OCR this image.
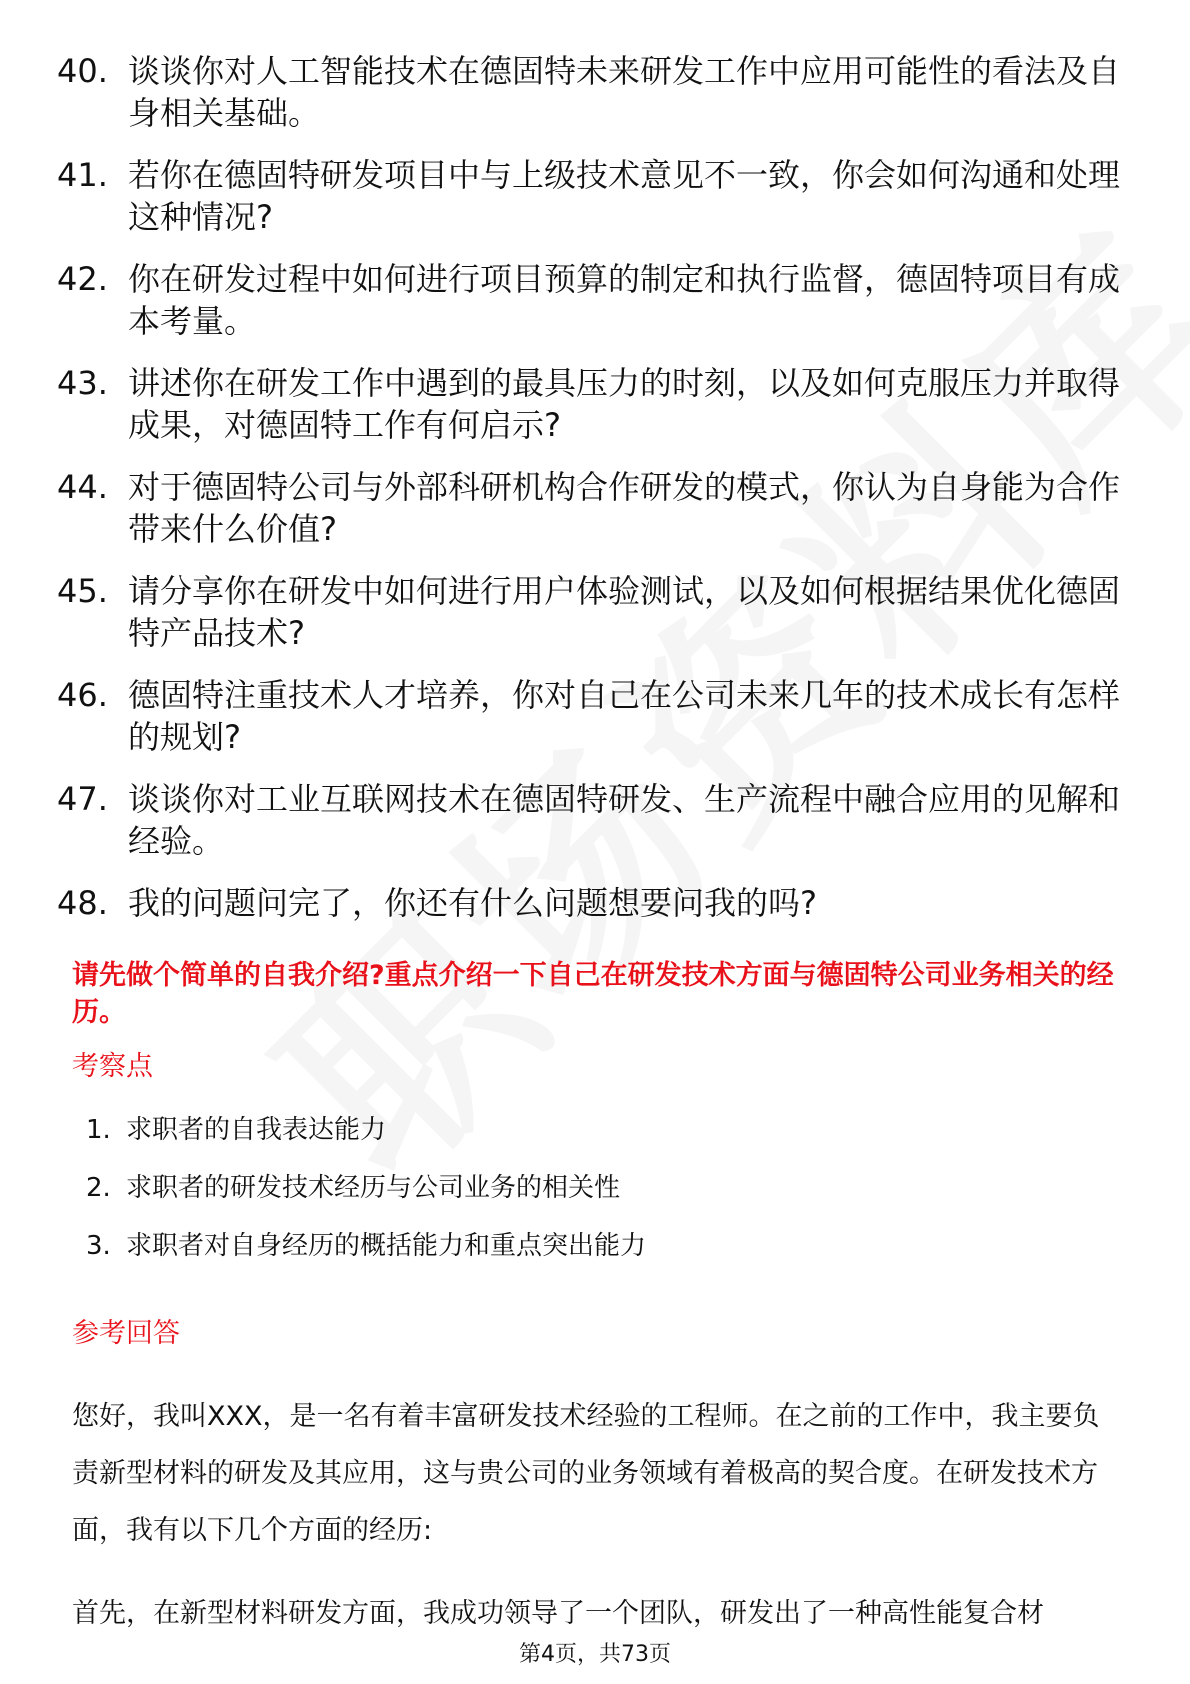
40. 谈谈你对人工智能技术在德固特未来研发工作中应用可能性的看法及自身相关基础。
41. 若你在德固特研发项目中与上级技术意见不一致，你会如何沟通和处理这种情况?
42. 你在研发过程中如何进行项目预算的制定和执行监督，德固特项目有成本考量。
43. 讲述你在研发工作中遇到的最具压力的时刻，以及如何克服压力并取得成果，对德固特工作有何启示?
44. 对于德固特公司与外部科研机构合作研发的模式，你认为自身能为合作带来什么价值?
45. 请分享你在研发中如何进行用户体验测试，以及如何根据结果优化德固特产品技术?
46. 德固特注重技术人才培养，你对自己在公司未来几年的技术成长有怎样的规划?
47. 谈谈你对工业互联网技术在德固特研发、生产流程中融合应用的见解和经验。
48. 我的问题问完了，你还有什么问题想要问我的吗?
请先做个简单的自我介绍?重点介绍一下自己在研发技术方面与德固特公司业务相关的经历。
考察点
1. 求职者的自我表达能力
2. 求职者的研发技术经历与公司业务的相关性
3. 求职者对自身经历的概括能力和重点突出能力
参考回答
您好，我叫XXX，是一名有着丰富研发技术经验的工程师。在之前的工作中，我主要负责新型材料的研发及其应用，这与贵公司的业务领域有着极高的契合度。在研发技术方面，我有以下几个方面的经历:
首先，在新型材料研发方面，我成功领导了一个团队，研发出了一种高性能复合材
第4页，共73页
